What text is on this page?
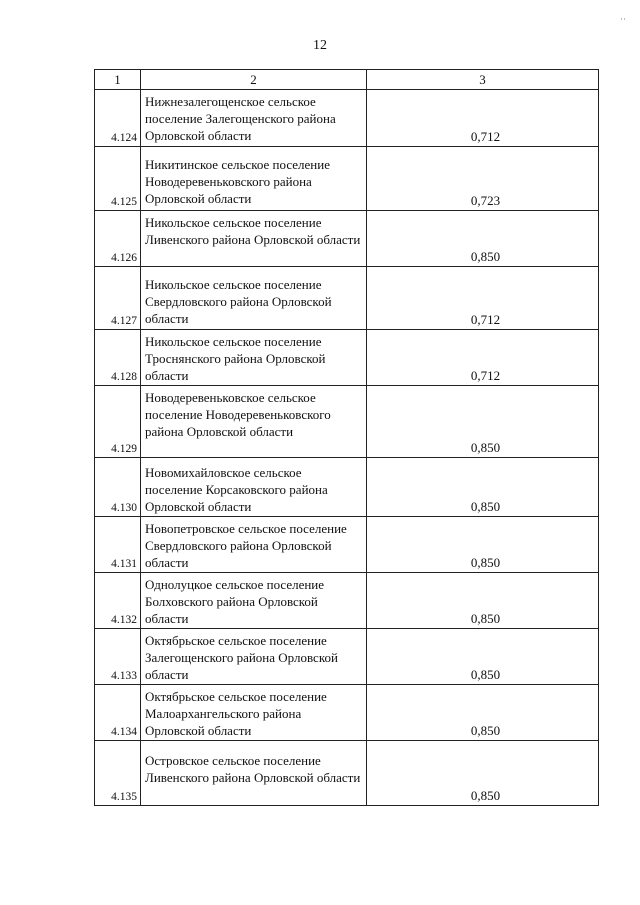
12
··
1	2	3
4.124	Нижнезалегощенское сельское поселение Залегощенского района Орловской области	0,712
4.125	Никитинское сельское поселение Новодеревеньковского района Орловской области	0,723
4.126	Никольское сельское поселение Ливенского района Орловской области	0,850
4.127	Никольское сельское поселение Свердловского района Орловской области	0,712
4.128	Никольское сельское поселение Троснянского района Орловской области	0,712
4.129	Новодеревеньковское сельское поселение Новодеревеньковского района Орловской области	0,850
4.130	Новомихайловское сельское поселение Корсаковского района Орловской области	0,850
4.131	Новопетровское сельское поселение Свердловского района Орловской области	0,850
4.132	Однолуцкое сельское поселение Болховского района Орловской области	0,850
4.133	Октябрьское сельское поселение Залегощенского района Орловской области	0,850
4.134	Октябрьское сельское поселение Малоархангельского района Орловской области	0,850
4.135	Островское сельское поселение Ливенского района Орловской области	0,850
